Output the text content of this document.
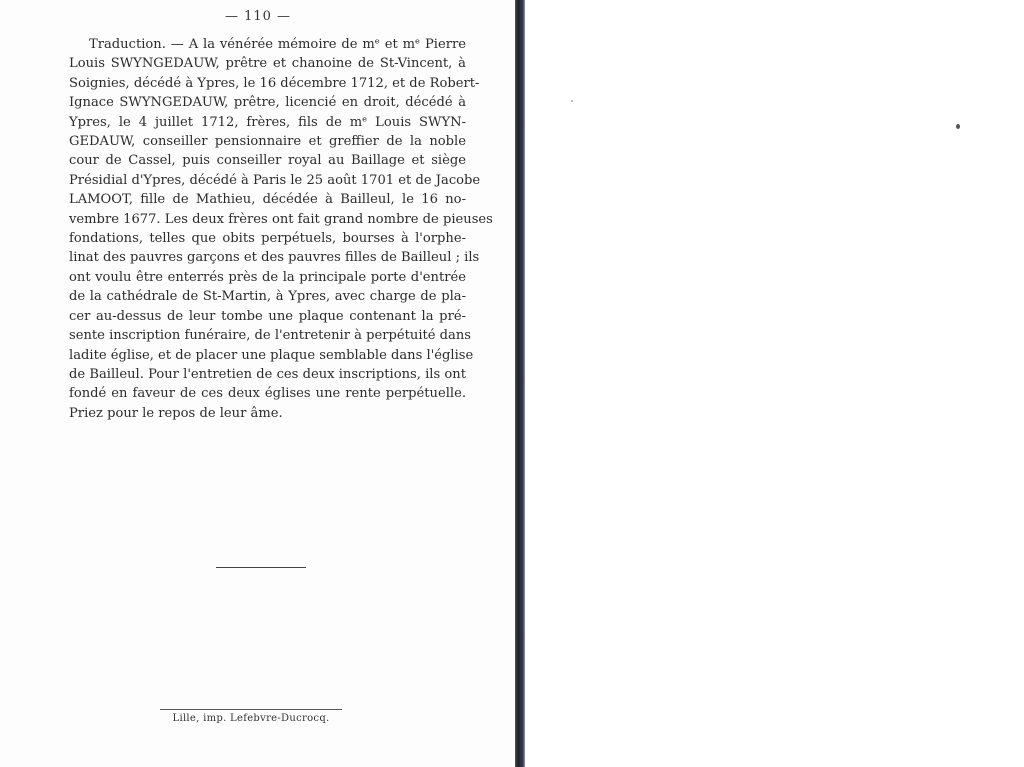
— 110 —
Traduction. — A la vénérée mémoire de mᵉ et mᵉ Pierre
Louis SWYNGEDAUW, prêtre et chanoine de St-Vincent, à
Soignies, décédé à Ypres, le 16 décembre 1712, et de Robert-
Ignace SWYNGEDAUW, prêtre, licencié en droit, décédé à
Ypres, le 4 juillet 1712, frères, fils de mᵉ Louis SWYN-
GEDAUW, conseiller pensionnaire et greffier de la noble
cour de Cassel, puis conseiller royal au Baillage et siège
Présidial d'Ypres, décédé à Paris le 25 août 1701 et de Jacobe
LAMOOT, fille de Mathieu, décédée à Bailleul, le 16 no-
vembre 1677. Les deux frères ont fait grand nombre de pieuses
fondations, telles que obits perpétuels, bourses à l'orphe-
linat des pauvres garçons et des pauvres filles de Bailleul ; ils
ont voulu être enterrés près de la principale porte d'entrée
de la cathédrale de St-Martin, à Ypres, avec charge de pla-
cer au-dessus de leur tombe une plaque contenant la pré-
sente inscription funéraire, de l'entretenir à perpétuité dans
ladite église, et de placer une plaque semblable dans l'église
de Bailleul. Pour l'entretien de ces deux inscriptions, ils ont
fondé en faveur de ces deux églises une rente perpétuelle.
Priez pour le repos de leur âme.
Lille, imp. Lefebvre-Ducrocq.
